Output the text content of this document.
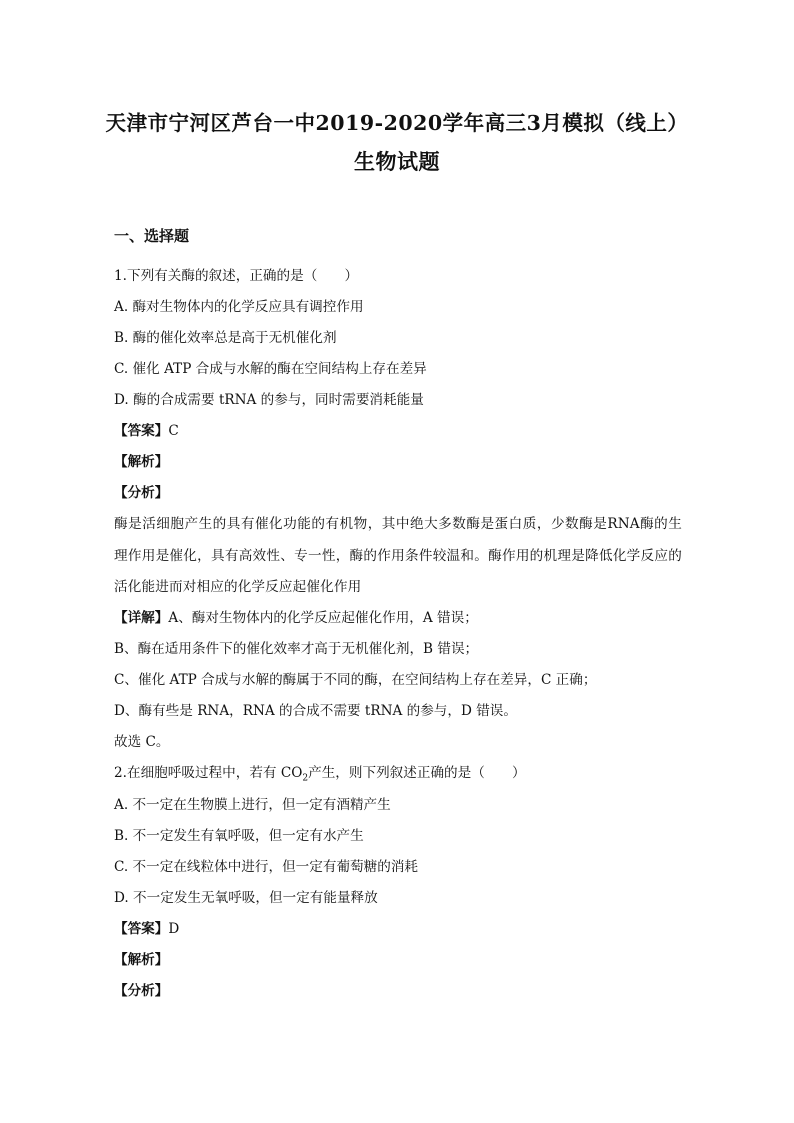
天津市宁河区芦台一中2019-2020学年高三3月模拟（线上）
生物试题
一、选择题
1.下列有关酶的叙述，正确的是（　　）
A. 酶对生物体内的化学反应具有调控作用
B. 酶的催化效率总是高于无机催化剂
C. 催化 ATP 合成与水解的酶在空间结构上存在差异
D. 酶的合成需要 tRNA 的参与，同时需要消耗能量
【答案】C
【解析】
【分析】
酶是活细胞产生的具有催化功能的有机物，其中绝大多数酶是蛋白质，少数酶是RNA酶的生理作用是催化，具有高效性、专一性，酶的作用条件较温和。酶作用的机理是降低化学反应的活化能进而对相应的化学反应起催化作用
【详解】A、酶对生物体内的化学反应起催化作用，A 错误；
B、酶在适用条件下的催化效率才高于无机催化剂，B 错误；
C、催化 ATP 合成与水解的酶属于不同的酶，在空间结构上存在差异，C 正确；
D、酶有些是 RNA，RNA 的合成不需要 tRNA 的参与，D 错误。
故选 C。
2.在细胞呼吸过程中，若有 $CO_2$产生，则下列叙述正确的是（　　）
A. 不一定在生物膜上进行，但一定有酒精产生
B. 不一定发生有氧呼吸，但一定有水产生
C. 不一定在线粒体中进行，但一定有葡萄糖的消耗
D. 不一定发生无氧呼吸，但一定有能量释放
【答案】D
【解析】
【分析】
